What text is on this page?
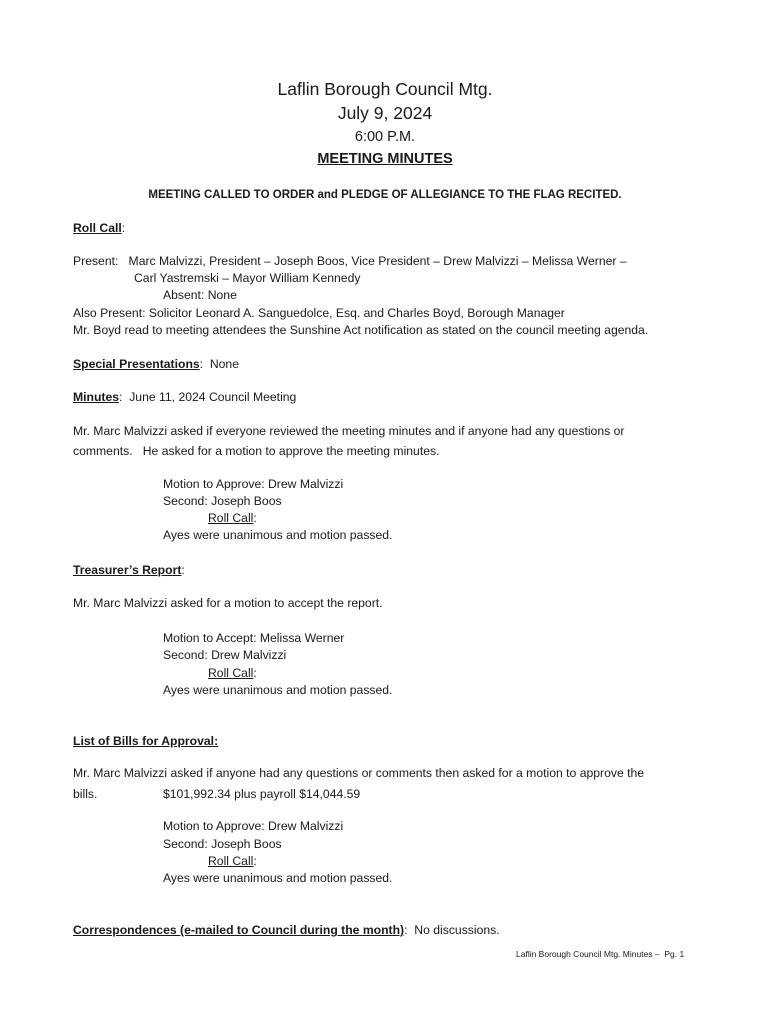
Laflin Borough Council Mtg.
July 9, 2024
6:00 P.M.
MEETING MINUTES
MEETING CALLED TO ORDER and PLEDGE OF ALLEGIANCE TO THE FLAG RECITED.
Roll Call:
Present:   Marc Malvizzi, President – Joseph Boos, Vice President – Drew Malvizzi – Melissa Werner –
Carl Yastremski – Mayor William Kennedy
Absent: None
Also Present: Solicitor Leonard A. Sanguedolce, Esq. and Charles Boyd, Borough Manager
Mr. Boyd read to meeting attendees the Sunshine Act notification as stated on the council meeting agenda.
Special Presentations:  None
Minutes:  June 11, 2024 Council Meeting
Mr. Marc Malvizzi asked if everyone reviewed the meeting minutes and if anyone had any questions or
comments.   He asked for a motion to approve the meeting minutes.
Motion to Approve: Drew Malvizzi
Second: Joseph Boos
Roll Call:
Ayes were unanimous and motion passed.
Treasurer’s Report:
Mr. Marc Malvizzi asked for a motion to accept the report.
Motion to Accept: Melissa Werner
Second: Drew Malvizzi
Roll Call:
Ayes were unanimous and motion passed.
List of Bills for Approval:
Mr. Marc Malvizzi asked if anyone had any questions or comments then asked for a motion to approve the
bills.	$101,992.34 plus payroll $14,044.59
Motion to Approve: Drew Malvizzi
Second: Joseph Boos
Roll Call:
Ayes were unanimous and motion passed.
Correspondences (e-mailed to Council during the month):  No discussions.
Laflin Borough Council Mtg. Minutes –  Pg. 1
